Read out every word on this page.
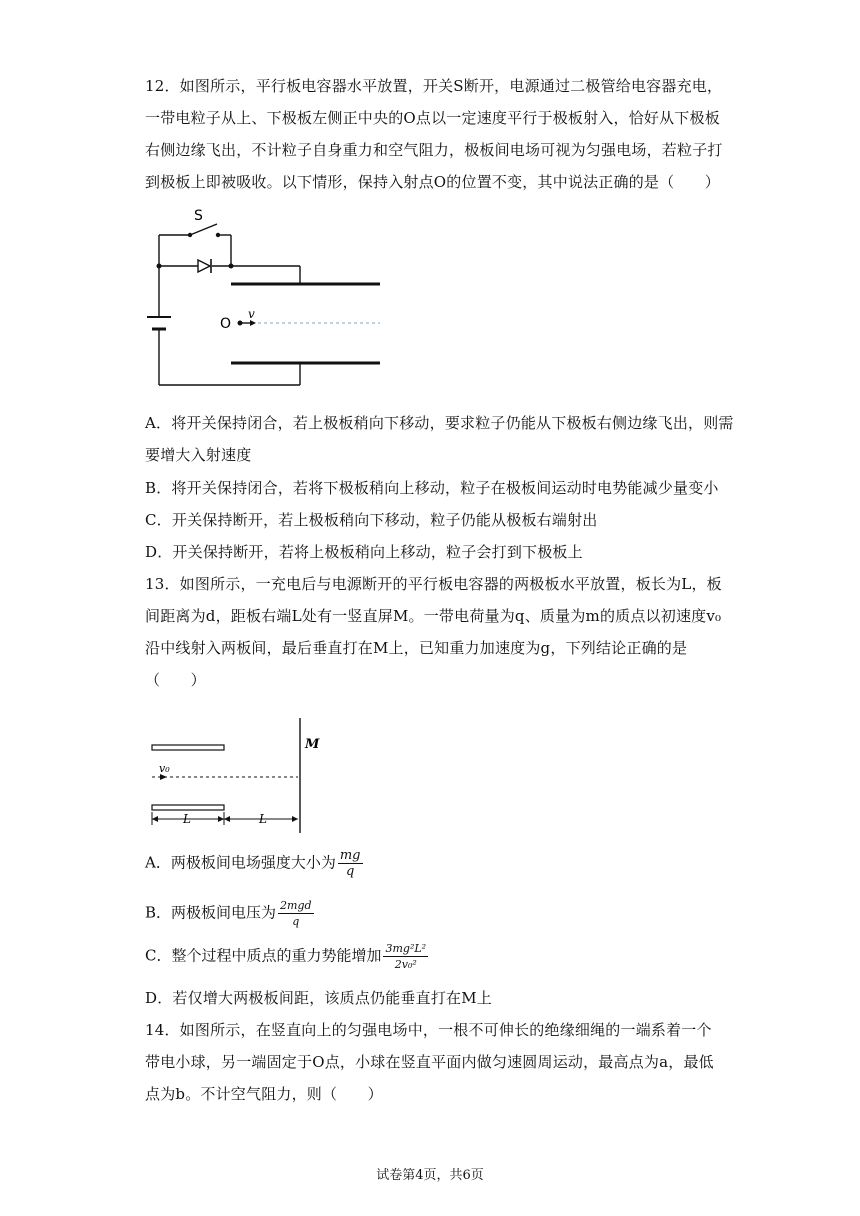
12．如图所示，平行板电容器水平放置，开关S断开，电源通过二极管给电容器充电，一带电粒子从上、下极板左侧正中央的O点以一定速度平行于极板射入，恰好从下极板右侧边缘飞出，不计粒子自身重力和空气阻力，极板间电场可视为匀强电场，若粒子打到极板上即被吸收。以下情形，保持入射点O的位置不变，其中说法正确的是（　　）

S
O
v

A．将开关保持闭合，若上极板稍向下移动，要求粒子仍能从下极板右侧边缘飞出，则需要增大入射速度

B．将开关保持闭合，若将下极板稍向上移动，粒子在极板间运动时电势能减少量变小

C．开关保持断开，若上极板稍向下移动，粒子仍能从极板右端射出

D．开关保持断开，若将上极板稍向上移动，粒子会打到下极板上

13．如图所示，一充电后与电源断开的平行板电容器的两极板水平放置，板长为L，板间距离为d，距板右端L处有一竖直屏M。一带电荷量为q、质量为m的质点以初速度v₀沿中线射入两板间，最后垂直打在M上，已知重力加速度为g，下列结论正确的是（　　）

M
v₀
L	L
A．两极板间电场强度大小为 $\frac{mg}{q}$
B．两极板间电压为 $\frac{\text{2mgd}}{q}$
C．整个过程中质点的重力势能增加 $\frac{\text{3mg²L²}}{\text{2v₀²}}$

D．若仅增大两极板间距，该质点仍能垂直打在M上

14．如图所示，在竖直向上的匀强电场中，一根不可伸长的绝缘细绳的一端系着一个带电小球，另一端固定于O点，小球在竖直平面内做匀速圆周运动，最高点为a，最低点为b。不计空气阻力，则（　　）

试卷第4页，共6页
